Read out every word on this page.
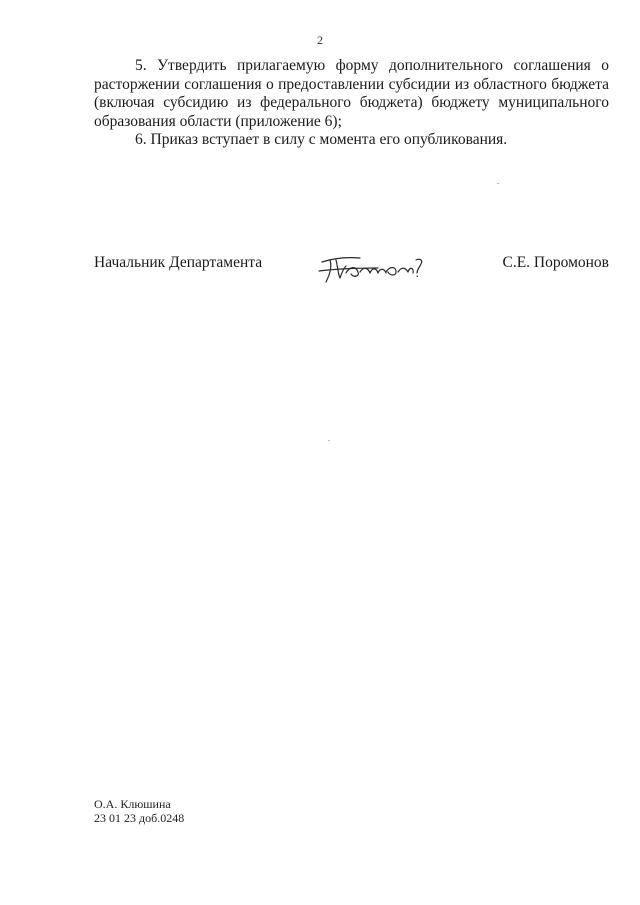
2

5. Утвердить прилагаемую форму дополнительного соглашения о расторжении соглашения о предоставлении субсидии из областного бюджета (включая субсидию из федерального бюджета) бюджету муниципального образования области (приложение 6);

6. Приказ вступает в силу с момента его опубликования.

Начальник Департамента
Поромонов
С.Е. Поромонов
О.А. Клюшина
23 01 23 доб.0248
